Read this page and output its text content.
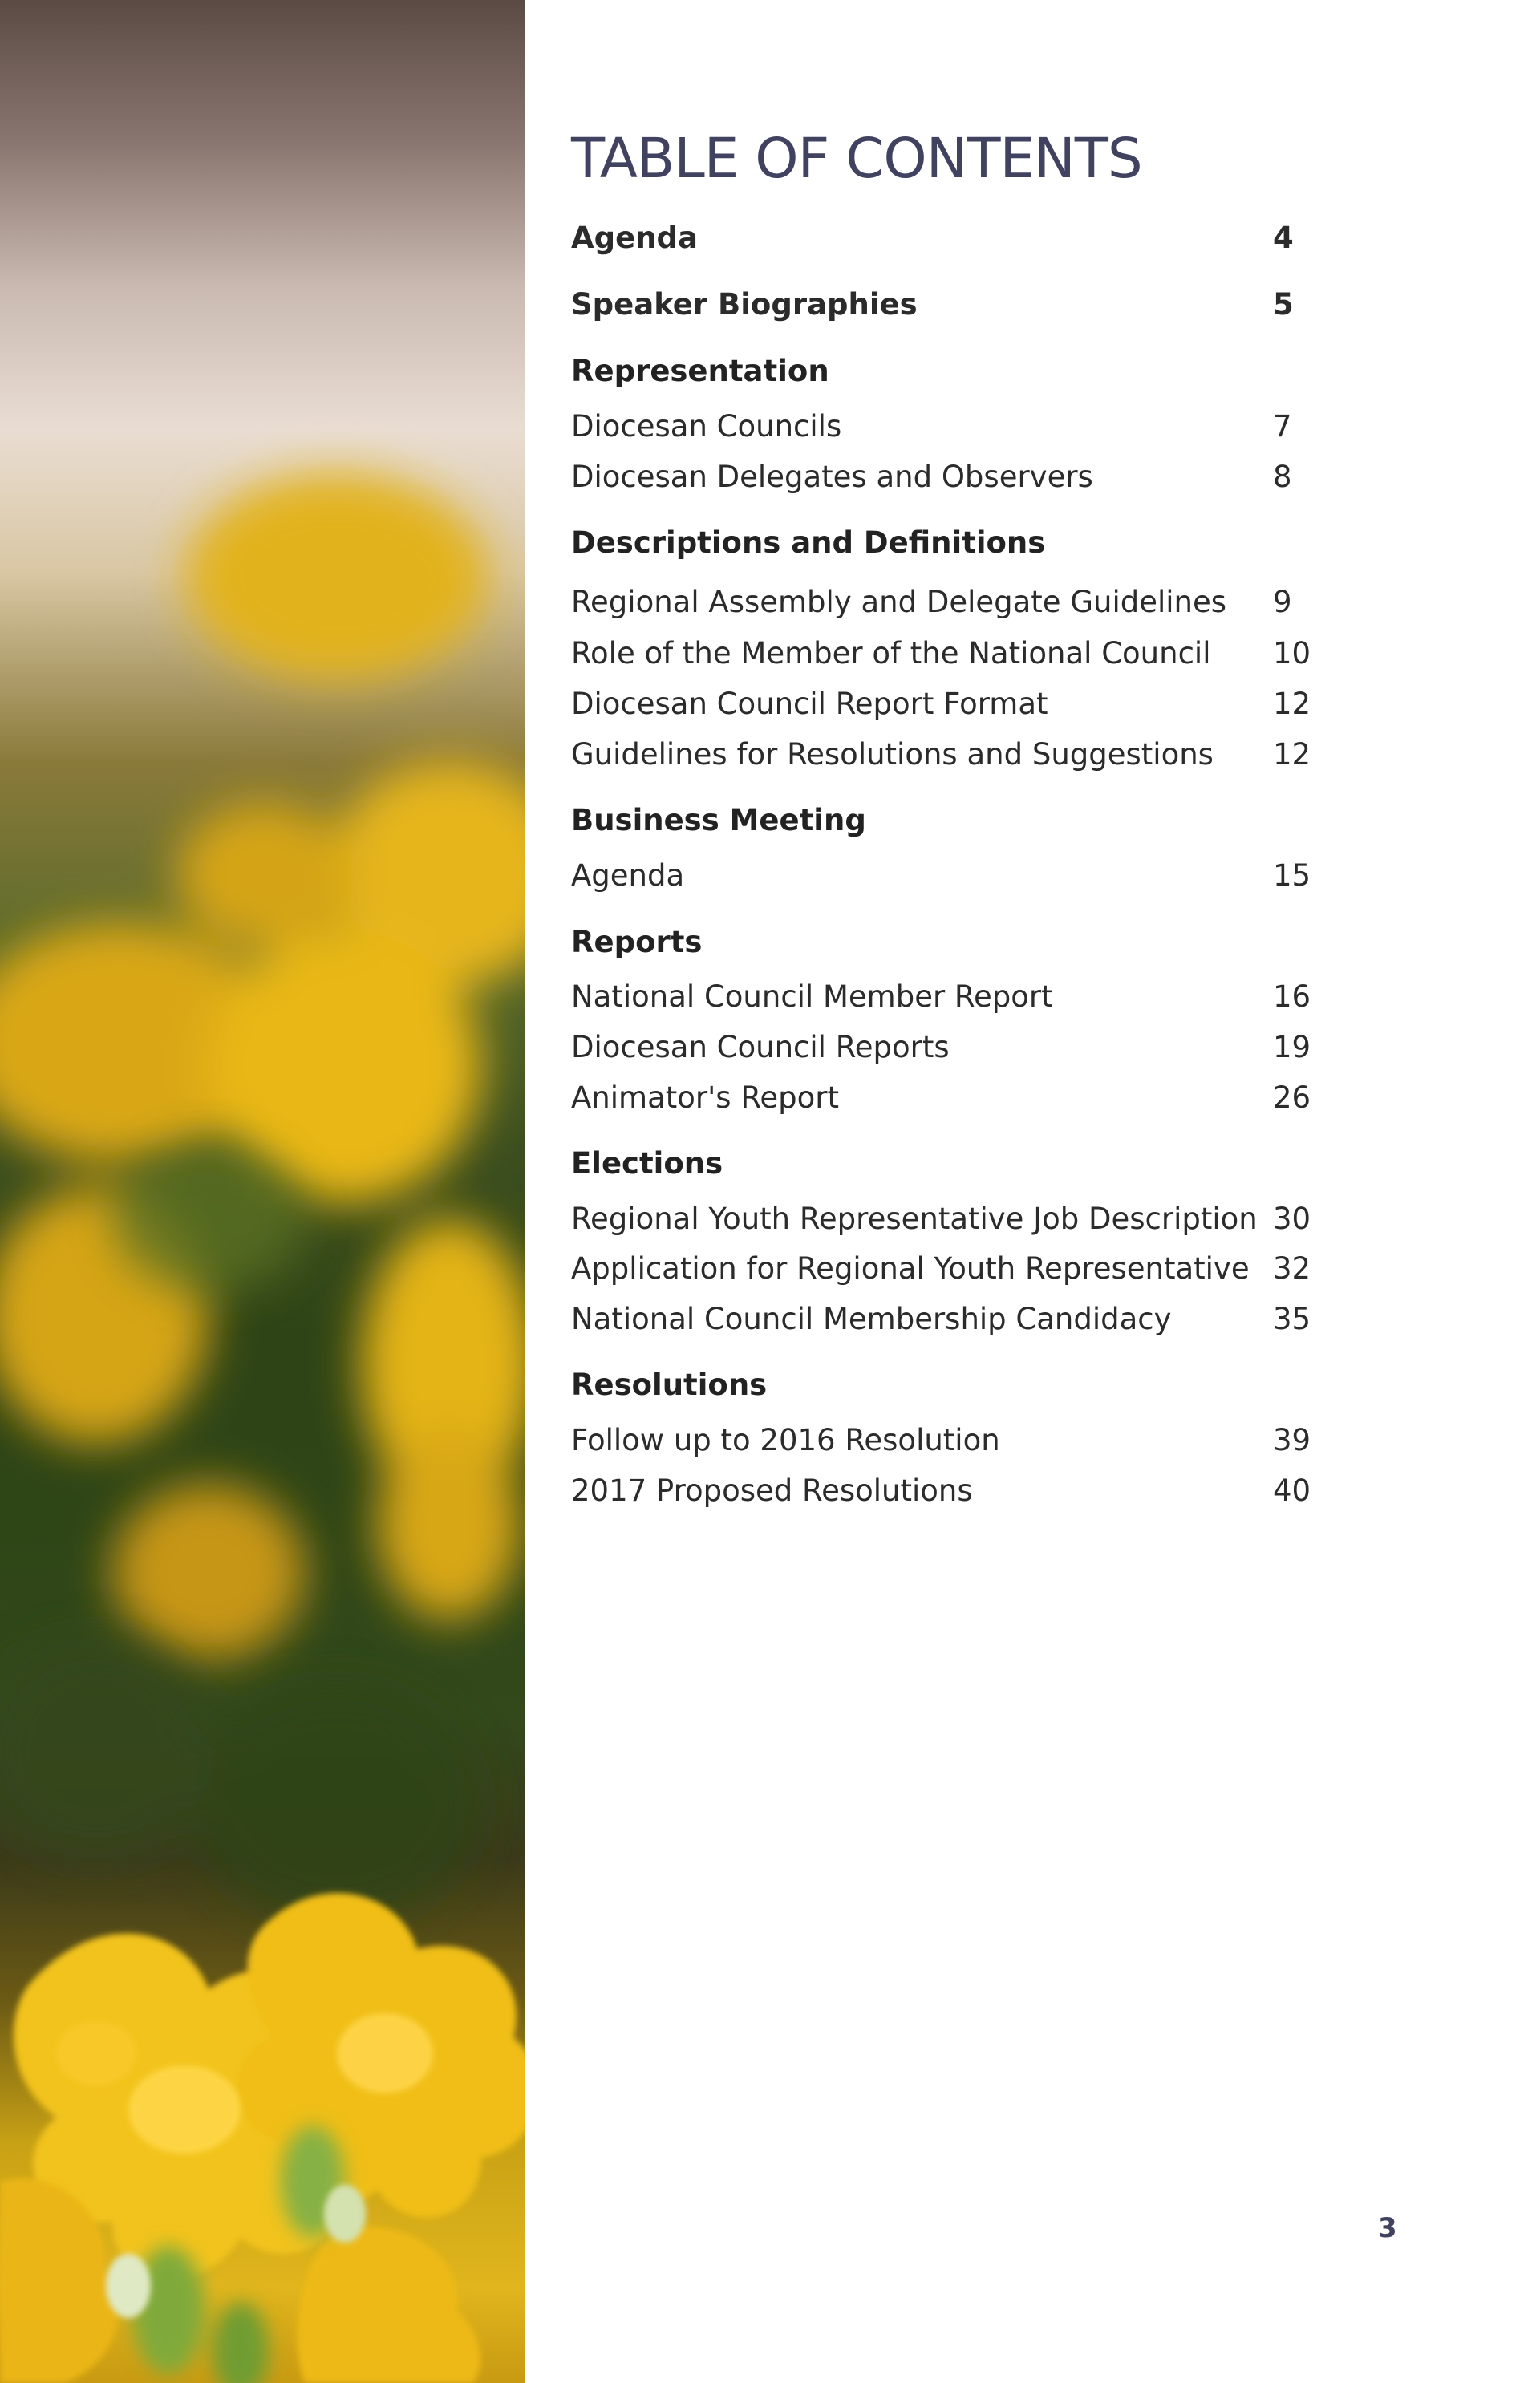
TABLE OF CONTENTS
Agenda	4
Speaker Biographies	5
Representation
Diocesan Councils	7
Diocesan Delegates and Observers	8
Descriptions and Definitions
Regional Assembly and Delegate Guidelines 9
Role of the Member of the National Council 10
Diocesan Council Report Format	12
Guidelines for Resolutions and Suggestions 12
Business Meeting
Agenda	15
Reports
National Council Member Report	16
Diocesan Council Reports	19
Animator's Report	26
Elections
Regional Youth Representative Job Description 30
Application for Regional Youth Representative 32
National Council Membership Candidacy	35
Resolutions
Follow up to 2016 Resolution	39
2017 Proposed Resolutions	40
3
